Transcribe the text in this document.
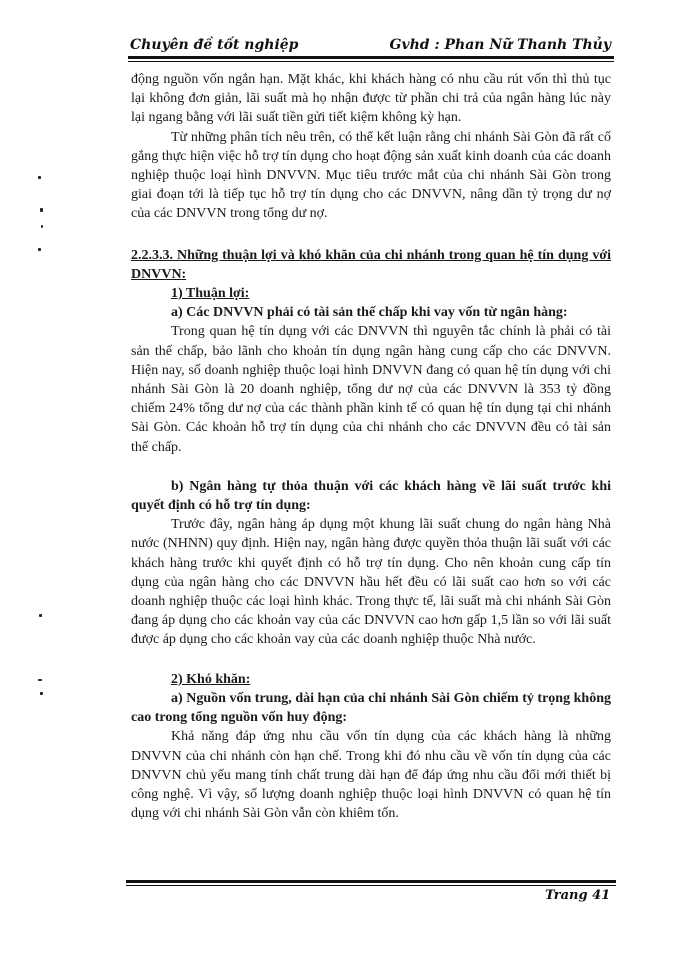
Chuyên đề tốt nghiệp	Gvhd : Phan Nữ Thanh Thủy

động nguồn vốn ngắn hạn. Mặt khác, khi khách hàng có nhu cầu rút vốn thì thủ tục lại không đơn giản, lãi suất mà họ nhận được từ phần chi trả của ngân hàng lúc này lại ngang bằng với lãi suất tiền gửi tiết kiệm không kỳ hạn.

Từ những phân tích nêu trên, có thể kết luận rằng chi nhánh Sài Gòn đã rất cố gắng thực hiện việc hỗ trợ tín dụng cho hoạt động sản xuất kinh doanh của các doanh nghiệp thuộc loại hình DNVVN. Mục tiêu trước mắt của chi nhánh Sài Gòn trong giai đoạn tới là tiếp tục hỗ trợ tín dụng cho các DNVVN, nâng dần tỷ trọng dư nợ của các DNVVN trong tổng dư nợ.

2.2.3.3. Những thuận lợi và khó khăn của chi nhánh trong quan hệ tín dụng với DNVVN:

1) Thuận lợi:

a) Các DNVVN phải có tài sản thế chấp khi vay vốn từ ngân hàng:

Trong quan hệ tín dụng với các DNVVN thì nguyên tắc chính là phải có tài sản thế chấp, bảo lãnh cho khoản tín dụng ngân hàng cung cấp cho các DNVVN. Hiện nay, số doanh nghiệp thuộc loại hình DNVVN đang có quan hệ tín dụng với chi nhánh Sài Gòn là 20 doanh nghiệp, tổng dư nợ của các DNVVN là 353 tỷ đồng chiếm 24% tổng dư nợ của các thành phần kinh tế có quan hệ tín dụng tại chi nhánh Sài Gòn. Các khoản hỗ trợ tín dụng của chi nhánh cho các DNVVN đều có tài sản thế chấp.

b) Ngân hàng tự thỏa thuận với các khách hàng về lãi suất trước khi quyết định có hỗ trợ tín dụng:

Trước đây, ngân hàng áp dụng một khung lãi suất chung do ngân hàng Nhà nước (NHNN) quy định. Hiện nay, ngân hàng được quyền thỏa thuận lãi suất với các khách hàng trước khi quyết định có hỗ trợ tín dụng. Cho nên khoản cung cấp tín dụng của ngân hàng cho các DNVVN hầu hết đều có lãi suất cao hơn so với các doanh nghiệp thuộc các loại hình khác. Trong thực tế, lãi suất mà chi nhánh Sài Gòn đang áp dụng cho các khoản vay của các DNVVN cao hơn gấp 1,5 lần so với lãi suất được áp dụng cho các khoản vay của các doanh nghiệp thuộc Nhà nước.

2) Khó khăn:

a) Nguồn vốn trung, dài hạn của chi nhánh Sài Gòn chiếm tỷ trọng không cao trong tổng nguồn vốn huy động:

Khả năng đáp ứng nhu cầu vốn tín dụng của các khách hàng là những DNVVN của chi nhánh còn hạn chế. Trong khi đó nhu cầu về vốn tín dụng của các DNVVN chủ yếu mang tính chất trung dài hạn để đáp ứng nhu cầu đổi mới thiết bị công nghệ. Vì vậy, số lượng doanh nghiệp thuộc loại hình DNVVN có quan hệ tín dụng với chi nhánh Sài Gòn vẫn còn khiêm tốn.

Trang 41
